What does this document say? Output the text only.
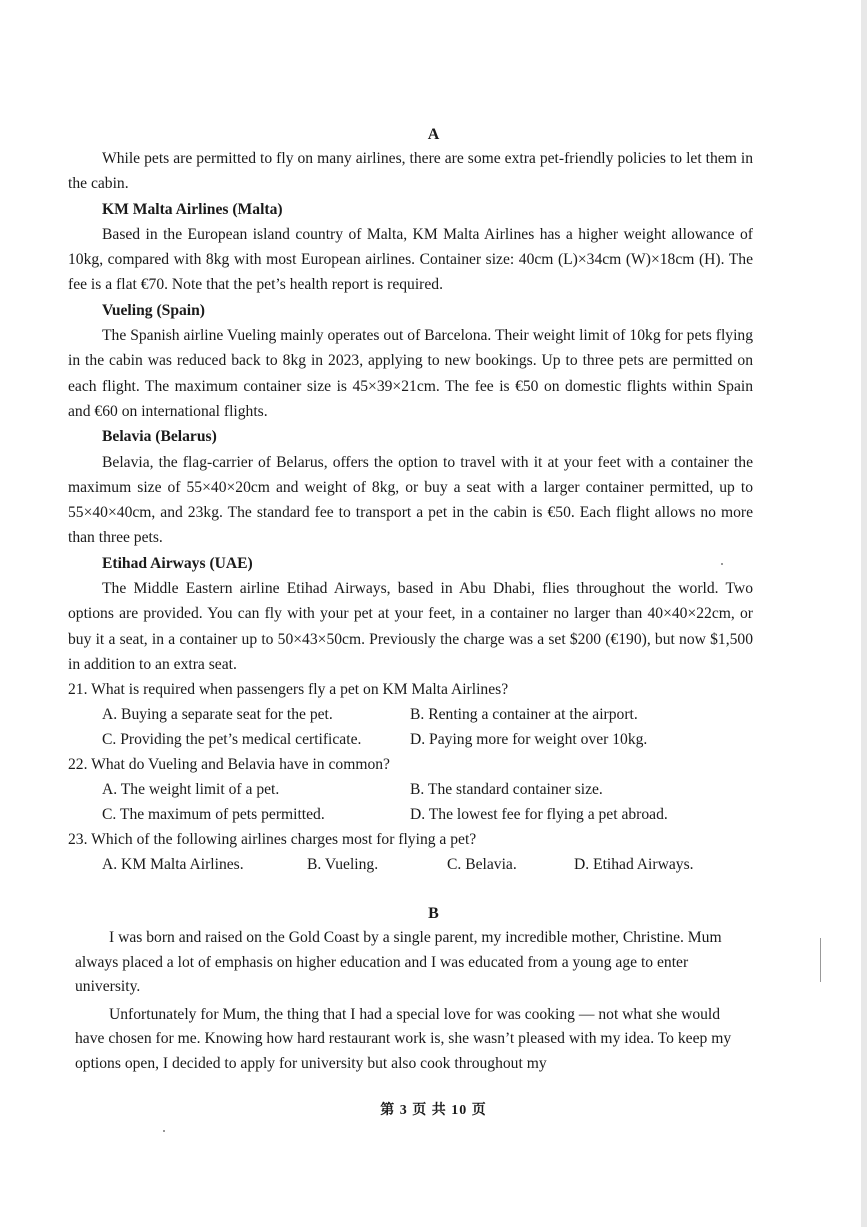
A

While pets are permitted to fly on many airlines, there are some extra pet-friendly policies to let them in the cabin.

KM Malta Airlines (Malta)

Based in the European island country of Malta, KM Malta Airlines has a higher weight allowance of 10kg, compared with 8kg with most European airlines. Container size: 40cm (L)×34cm (W)×18cm (H). The fee is a flat €70. Note that the pet’s health report is required.

Vueling (Spain)

The Spanish airline Vueling mainly operates out of Barcelona. Their weight limit of 10kg for pets flying in the cabin was reduced back to 8kg in 2023, applying to new bookings. Up to three pets are permitted on each flight. The maximum container size is 45×39×21cm. The fee is €50 on domestic flights within Spain and €60 on international flights.

Belavia (Belarus)

Belavia, the flag-carrier of Belarus, offers the option to travel with it at your feet with a container the maximum size of 55×40×20cm and weight of 8kg, or buy a seat with a larger container permitted, up to 55×40×40cm, and 23kg. The standard fee to transport a pet in the cabin is €50. Each flight allows no more than three pets.

Etihad Airways (UAE)

The Middle Eastern airline Etihad Airways, based in Abu Dhabi, flies throughout the world. Two options are provided. You can fly with your pet at your feet, in a container no larger than 40×40×22cm, or buy it a seat, in a container up to 50×43×50cm. Previously the charge was a set $200 (€190), but now $1,500 in addition to an extra seat.

21. What is required when passengers fly a pet on KM Malta Airlines?

A. Buying a separate seat for the pet.	B. Renting a container at the airport.
C. Providing the pet’s medical certificate.	D. Paying more for weight over 10kg.

22. What do Vueling and Belavia have in common?

A. The weight limit of a pet.	B. The standard container size.
C. The maximum of pets permitted.	D. The lowest fee for flying a pet abroad.

23. Which of the following airlines charges most for flying a pet?

A. KM Malta Airlines.	B. Vueling.	C. Belavia.	D. Etihad Airways.
B

I was born and raised on the Gold Coast by a single parent, my incredible mother, Christine. Mum always placed a lot of emphasis on higher education and I was educated from a young age to enter university.

Unfortunately for Mum, the thing that I had a special love for was cooking — not what she would have chosen for me. Knowing how hard restaurant work is, she wasn’t pleased with my idea. To keep my options open, I decided to apply for university but also cook throughout my

第 3 页 共 10 页
